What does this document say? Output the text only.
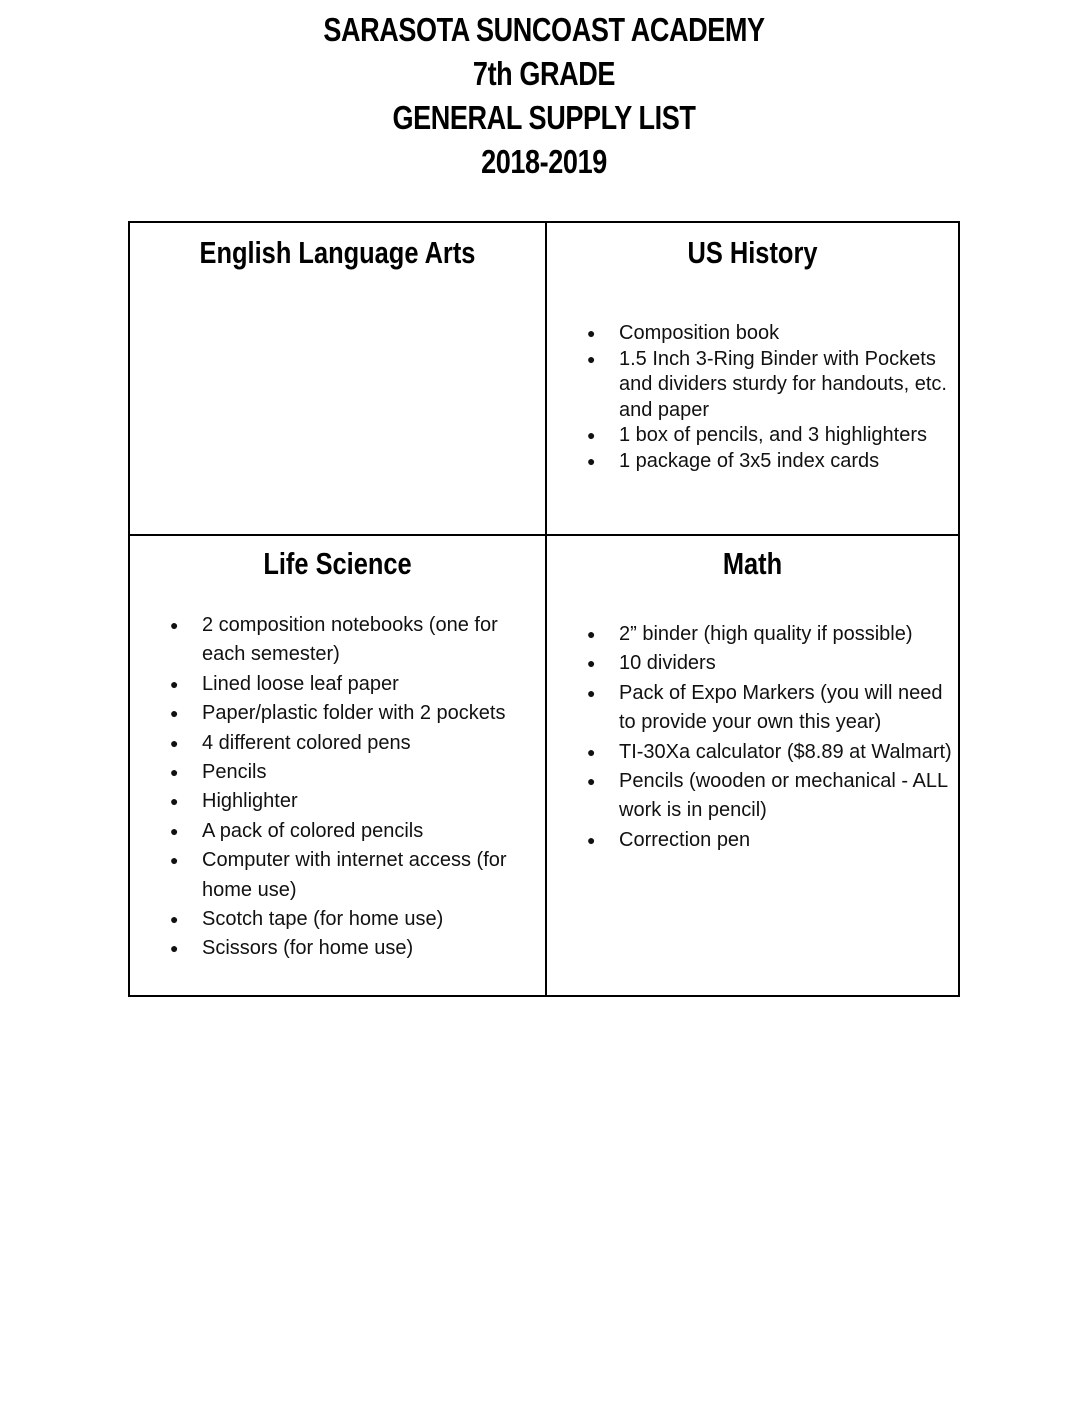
SARASOTA SUNCOAST ACADEMY
7th GRADE
GENERAL SUPPLY LIST
2018-2019
English Language Arts	US History
● Composition book
● 1.5 Inch 3-Ring Binder with Pockets and dividers sturdy for handouts, etc. and paper
● 1 box of pencils, and 3 highlighters
● 1 package of 3x5 index cards
Life Science
● 2 composition notebooks (one for each semester)
● Lined loose leaf paper
● Paper/plastic folder with 2 pockets
● 4 different colored pens
● Pencils
● Highlighter
● A pack of colored pencils
● Computer with internet access (for home use)
● Scotch tape (for home use)
● Scissors (for home use)
Math
● 2” binder (high quality if possible)
● 10 dividers
● Pack of Expo Markers (you will need to provide your own this year)
● TI-30Xa calculator ($8.89 at Walmart)
● Pencils (wooden or mechanical - ALL work is in pencil)
● Correction pen
